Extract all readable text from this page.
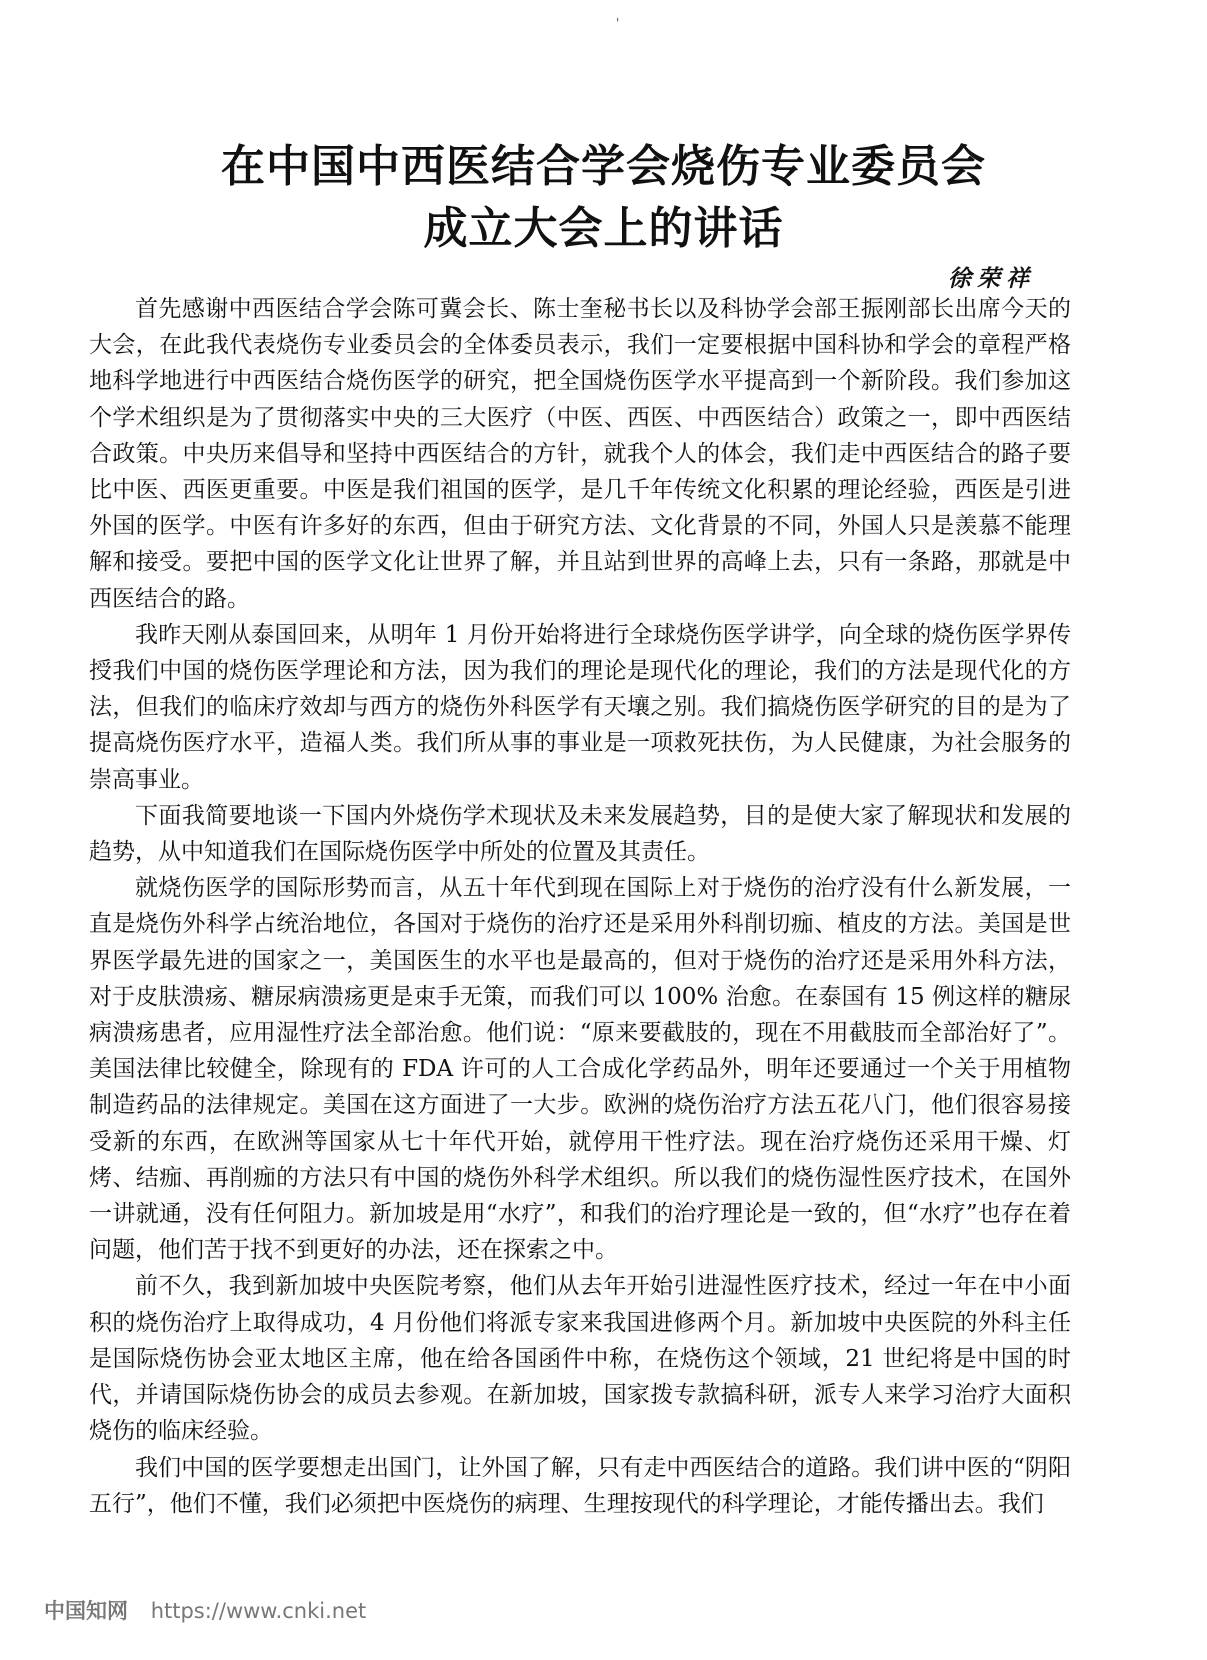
'
在中国中西医结合学会烧伤专业委员会
成立大会上的讲话
徐荣祥

首先感谢中西医结合学会陈可冀会长、陈士奎秘书长以及科协学会部王振刚部长出席今天的大会，在此我代表烧伤专业委员会的全体委员表示，我们一定要根据中国科协和学会的章程严格地科学地进行中西医结合烧伤医学的研究，把全国烧伤医学水平提高到一个新阶段。我们参加这个学术组织是为了贯彻落实中央的三大医疗（中医、西医、中西医结合）政策之一，即中西医结合政策。中央历来倡导和坚持中西医结合的方针，就我个人的体会，我们走中西医结合的路子要比中医、西医更重要。中医是我们祖国的医学，是几千年传统文化积累的理论经验，西医是引进外国的医学。中医有许多好的东西，但由于研究方法、文化背景的不同，外国人只是羡慕不能理解和接受。要把中国的医学文化让世界了解，并且站到世界的高峰上去，只有一条路，那就是中西医结合的路。

我昨天刚从泰国回来，从明年 1 月份开始将进行全球烧伤医学讲学，向全球的烧伤医学界传授我们中国的烧伤医学理论和方法，因为我们的理论是现代化的理论，我们的方法是现代化的方法，但我们的临床疗效却与西方的烧伤外科医学有天壤之别。我们搞烧伤医学研究的目的是为了提高烧伤医疗水平，造福人类。我们所从事的事业是一项救死扶伤，为人民健康，为社会服务的崇高事业。

下面我简要地谈一下国内外烧伤学术现状及未来发展趋势，目的是使大家了解现状和发展的趋势，从中知道我们在国际烧伤医学中所处的位置及其责任。

就烧伤医学的国际形势而言，从五十年代到现在国际上对于烧伤的治疗没有什么新发展，一直是烧伤外科学占统治地位，各国对于烧伤的治疗还是采用外科削切痂、植皮的方法。美国是世界医学最先进的国家之一，美国医生的水平也是最高的，但对于烧伤的治疗还是采用外科方法，对于皮肤溃疡、糖尿病溃疡更是束手无策，而我们可以 100% 治愈。在泰国有 15 例这样的糖尿病溃疡患者，应用湿性疗法全部治愈。他们说：“原来要截肢的，现在不用截肢而全部治好了”。美国法律比较健全，除现有的 FDA 许可的人工合成化学药品外，明年还要通过一个关于用植物制造药品的法律规定。美国在这方面进了一大步。欧洲的烧伤治疗方法五花八门，他们很容易接受新的东西，在欧洲等国家从七十年代开始，就停用干性疗法。现在治疗烧伤还采用干燥、灯烤、结痂、再削痂的方法只有中国的烧伤外科学术组织。所以我们的烧伤湿性医疗技术，在国外一讲就通，没有任何阻力。新加坡是用“水疗”，和我们的治疗理论是一致的，但“水疗”也存在着问题，他们苦于找不到更好的办法，还在探索之中。

前不久，我到新加坡中央医院考察，他们从去年开始引进湿性医疗技术，经过一年在中小面积的烧伤治疗上取得成功，4 月份他们将派专家来我国进修两个月。新加坡中央医院的外科主任是国际烧伤协会亚太地区主席，他在给各国函件中称，在烧伤这个领域，21 世纪将是中国的时代，并请国际烧伤协会的成员去参观。在新加坡，国家拨专款搞科研，派专人来学习治疗大面积烧伤的临床经验。

我们中国的医学要想走出国门，让外国了解，只有走中西医结合的道路。我们讲中医的“阴阳五行”，他们不懂，我们必须把中医烧伤的病理、生理按现代的科学理论，才能传播出去。我们

中国知网 https://www.cnki.net
